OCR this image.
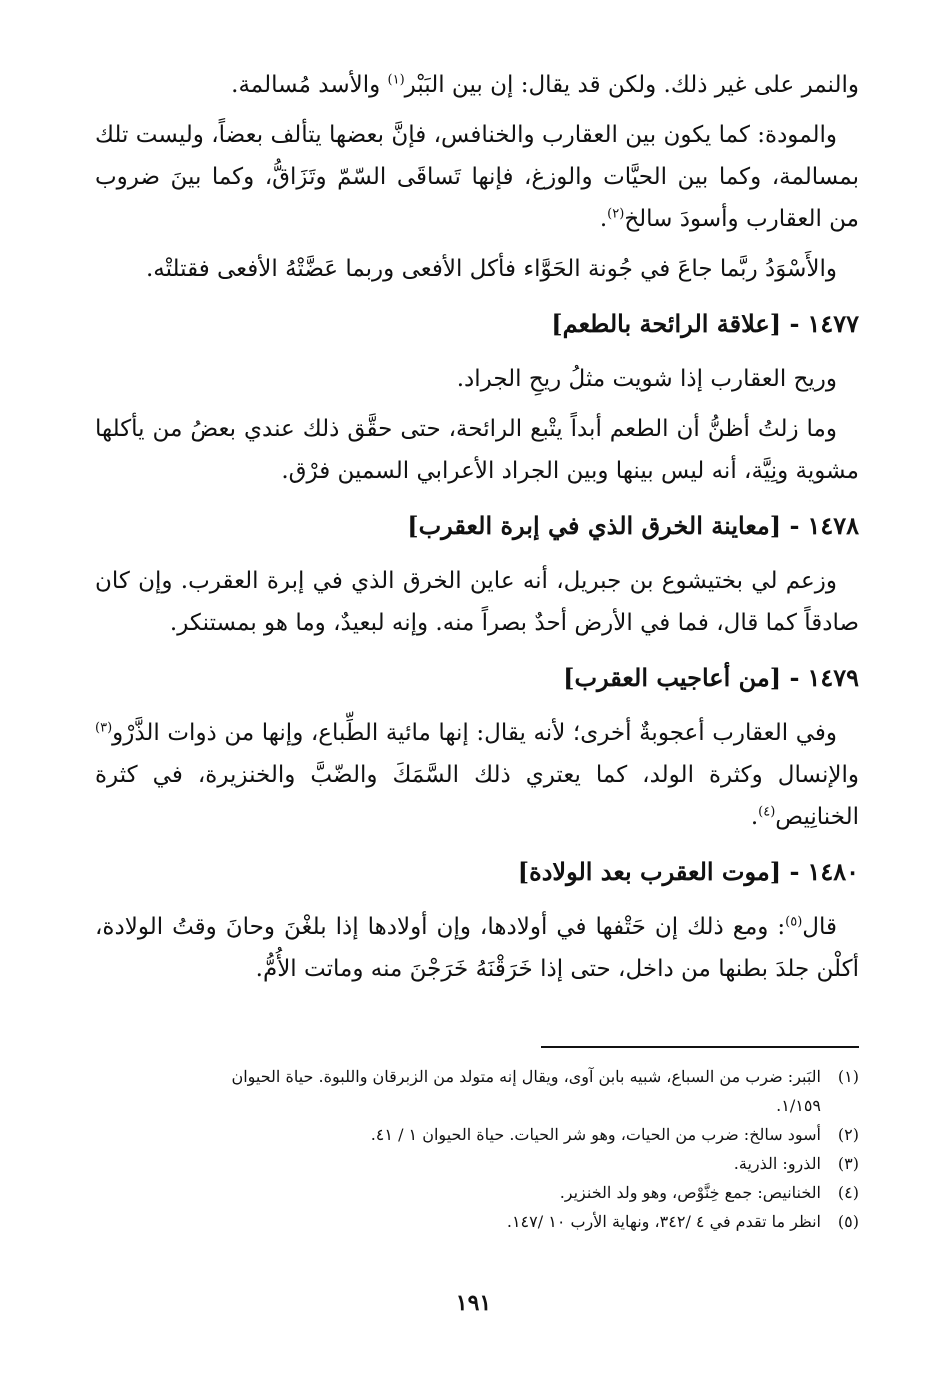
والنمر على غير ذلك. ولكن قد يقال: إن بين البَبْر$^{(١)}$ والأسد مُسالمة.

والمودة: كما يكون بين العقارب والخنافس، فإنَّ بعضها يتألف بعضاً، وليست تلك بمسالمة، وكما بين الحيَّات والوزغ، فإنها تَساقَى السّمّ وتَزَاقُّ، وكما بينَ ضروب من العقارب وأسودَ سالخ$^{(٢)}$.

والأَسْوَدُ ربَّما جاعَ في جُونة الحَوَّاء فأكل الأفعى وربما عَضَّتْهُ الأفعى فقتلتْه.

١٤٧٧- [علاقة الرائحة بالطعم]

وريح العقارب إذا شويت مثلُ ريحِ الجراد.

وما زلتُ أظنُّ أن الطعم أبداً يتْبع الرائحة، حتى حقَّق ذلك عندي بعضُ من يأكلها مشوية ونِيَّة، أنه ليس بينها وبين الجراد الأعرابي السمين فرْق.

١٤٧٨- [معاينة الخرق الذي في إبرة العقرب]

وزعم لي بختيشوع بن جبريل، أنه عاين الخرق الذي في إبرة العقرب. وإن كان صادقاً كما قال، فما في الأرض أحدٌ بصراً منه. وإنه لبعيدٌ، وما هو بمستنكر.

١٤٧٩- [من أعاجيب العقرب]

وفي العقارب أعجوبةٌ أخرى؛ لأنه يقال: إنها مائية الطِّباع، وإنها من ذوات الذَّرْو$^{(٣)}$ والإنسال وكثرة الولد، كما يعتري ذلك السَّمَكَ والضّبَّ والخنزيرة، في كثرة الخنانِيص$^{(٤)}$.

١٤٨٠- [موت العقرب بعد الولادة]

قال$^{(٥)}$: ومع ذلك إن حَتْفها في أولادها، وإن أولادها إذا بلغْنَ وحانَ وقتُ الولادة، أكلْن جلدَ بطنها من داخل، حتى إذا خَرَقْنَهُ خَرَجْنَ منه وماتت الأُمُّ.

(١)البَبر: ضرب من السباع، شبيه بابن آوى، ويقال إنه متولد من الزبرقان واللبوة. حياة الحيوان

١/١٥٩.

(٢)أسود سالخ: ضرب من الحيات، وهو شر الحيات. حياة الحيوان ١ / ٤١.

(٣)الذرو: الذرية.

(٤)الخنانيص: جمع خِنَّوْص، وهو ولد الخنزير.

(٥)انظر ما تقدم في ٤ /٣٤٢، ونهاية الأرب ١٠ /١٤٧.

١٩١
